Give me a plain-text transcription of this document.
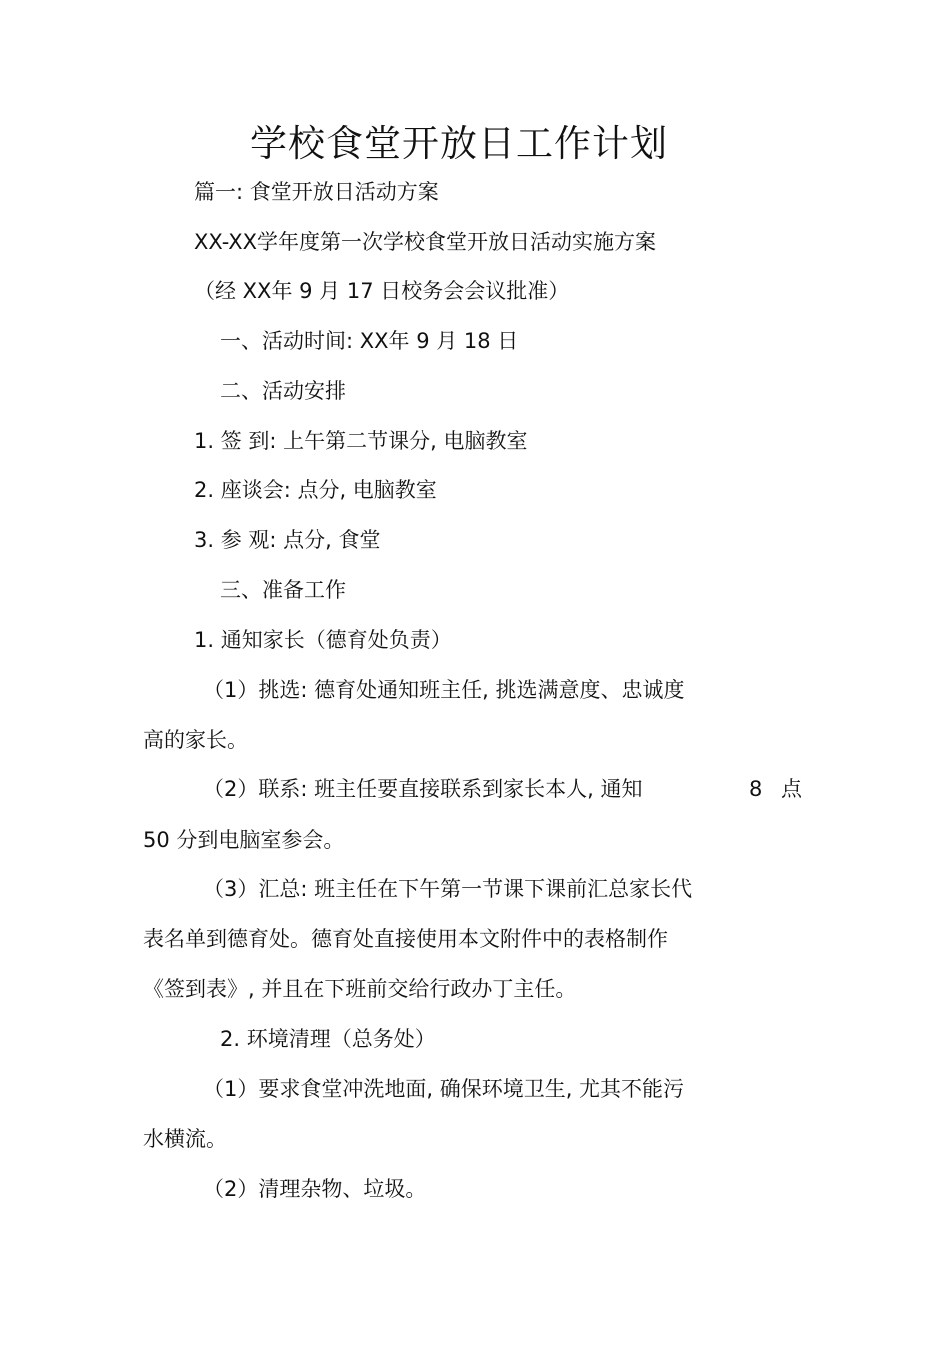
学校食堂开放日工作计划
篇一: 食堂开放日活动方案
XX-XX学年度第一次学校食堂开放日活动实施方案
（经 XX年 9 月 17 日校务会会议批准）
一、活动时间: XX年 9 月 18 日
二、活动安排
1. 签 到: 上午第二节课分, 电脑教室
2. 座谈会: 点分, 电脑教室
3. 参 观: 点分, 食堂
三、准备工作
1. 通知家长（德育处负责）
（1）挑选: 德育处通知班主任, 挑选满意度、忠诚度
高的家长。
（2）联系: 班主任要直接联系到家长本人, 通知	8 点
50 分到电脑室参会。
（3）汇总: 班主任在下午第一节课下课前汇总家长代
表名单到德育处。德育处直接使用本文附件中的表格制作
《签到表》, 并且在下班前交给行政办丁主任。
2. 环境清理（总务处）
（1）要求食堂冲洗地面, 确保环境卫生, 尤其不能污
水横流。
（2）清理杂物、垃圾。
